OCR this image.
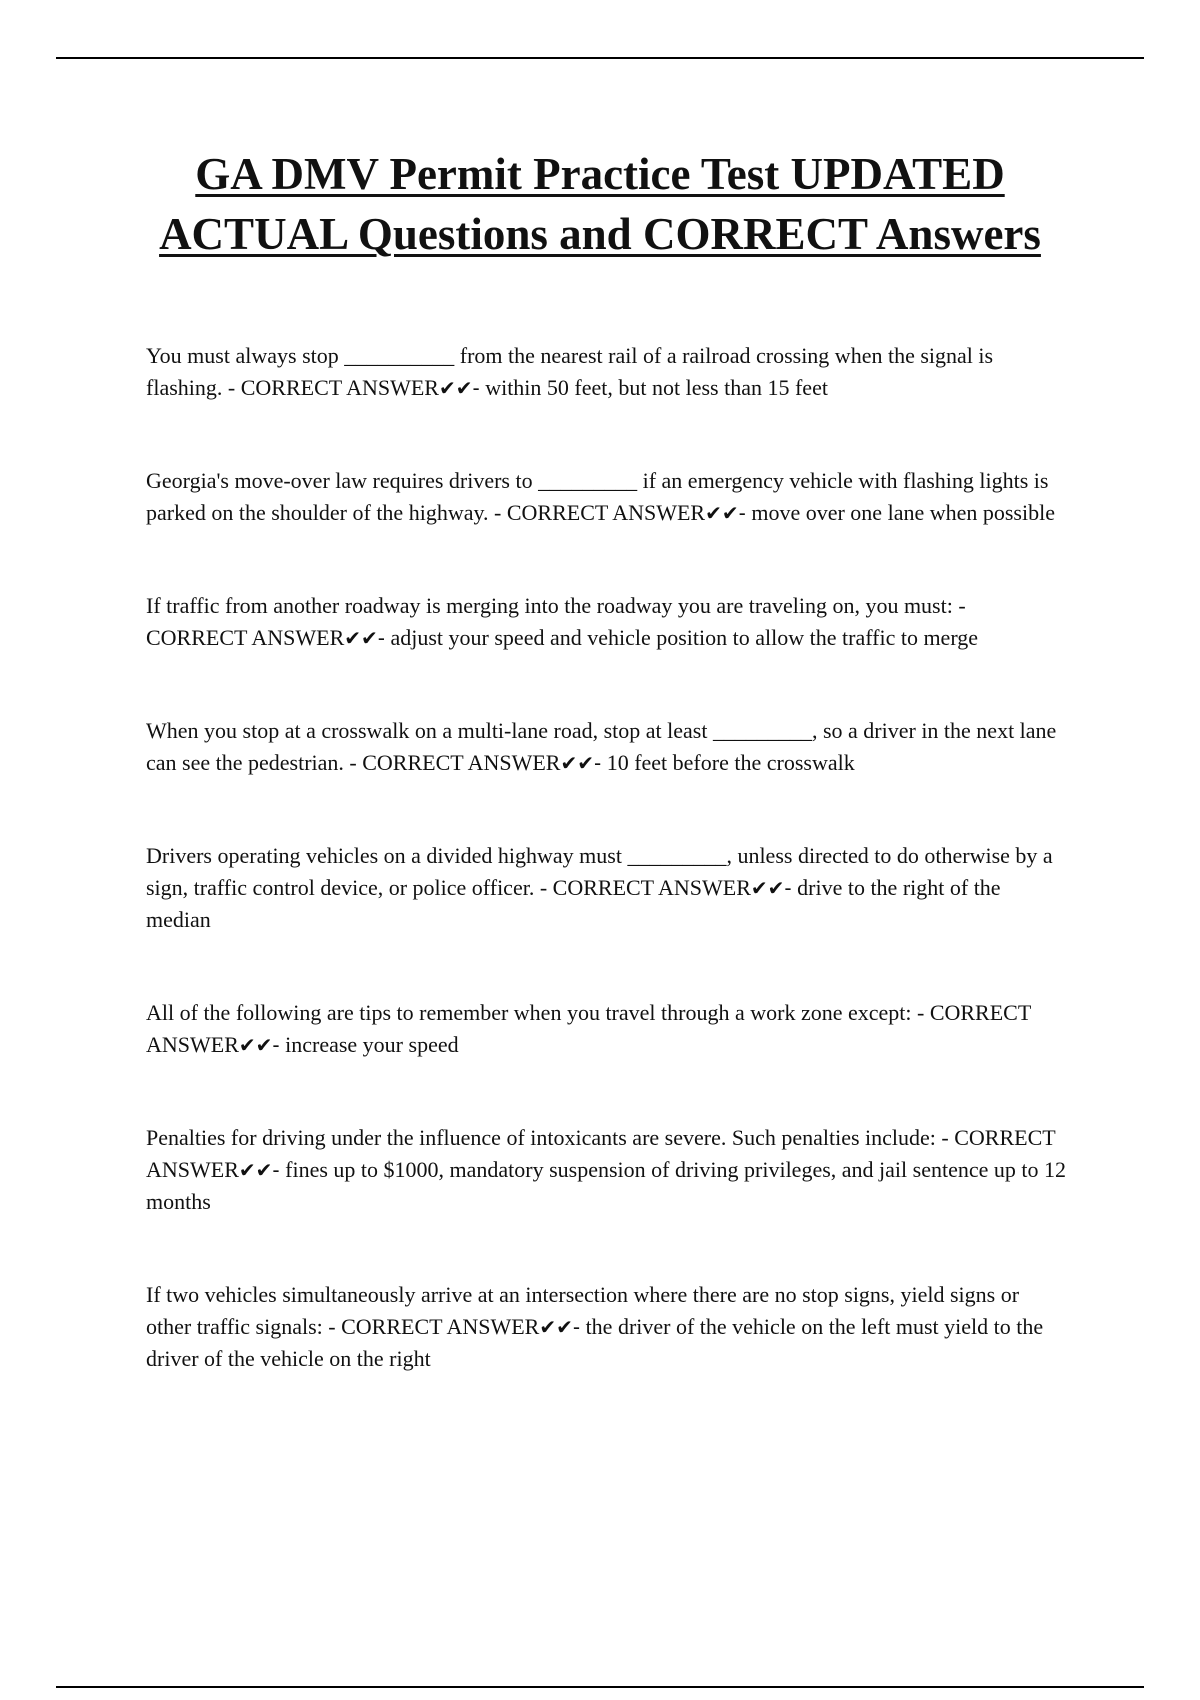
GA DMV Permit Practice Test UPDATED ACTUAL Questions and CORRECT Answers

You must always stop __________ from the nearest rail of a railroad crossing when the signal is flashing. - CORRECT ANSWER✔✔- within 50 feet, but not less than 15 feet

Georgia's move-over law requires drivers to _________ if an emergency vehicle with flashing lights is parked on the shoulder of the highway. - CORRECT ANSWER✔✔- move over one lane when possible

If traffic from another roadway is merging into the roadway you are traveling on, you must: - CORRECT ANSWER✔✔- adjust your speed and vehicle position to allow the traffic to merge

When you stop at a crosswalk on a multi-lane road, stop at least _________, so a driver in the next lane can see the pedestrian. - CORRECT ANSWER✔✔- 10 feet before the crosswalk

Drivers operating vehicles on a divided highway must _________, unless directed to do otherwise by a sign, traffic control device, or police officer. - CORRECT ANSWER✔✔- drive to the right of the median

All of the following are tips to remember when you travel through a work zone except: - CORRECT ANSWER✔✔- increase your speed

Penalties for driving under the influence of intoxicants are severe. Such penalties include: - CORRECT ANSWER✔✔- fines up to $1000, mandatory suspension of driving privileges, and jail sentence up to 12 months

If two vehicles simultaneously arrive at an intersection where there are no stop signs, yield signs or other traffic signals: - CORRECT ANSWER✔✔- the driver of the vehicle on the left must yield to the driver of the vehicle on the right
